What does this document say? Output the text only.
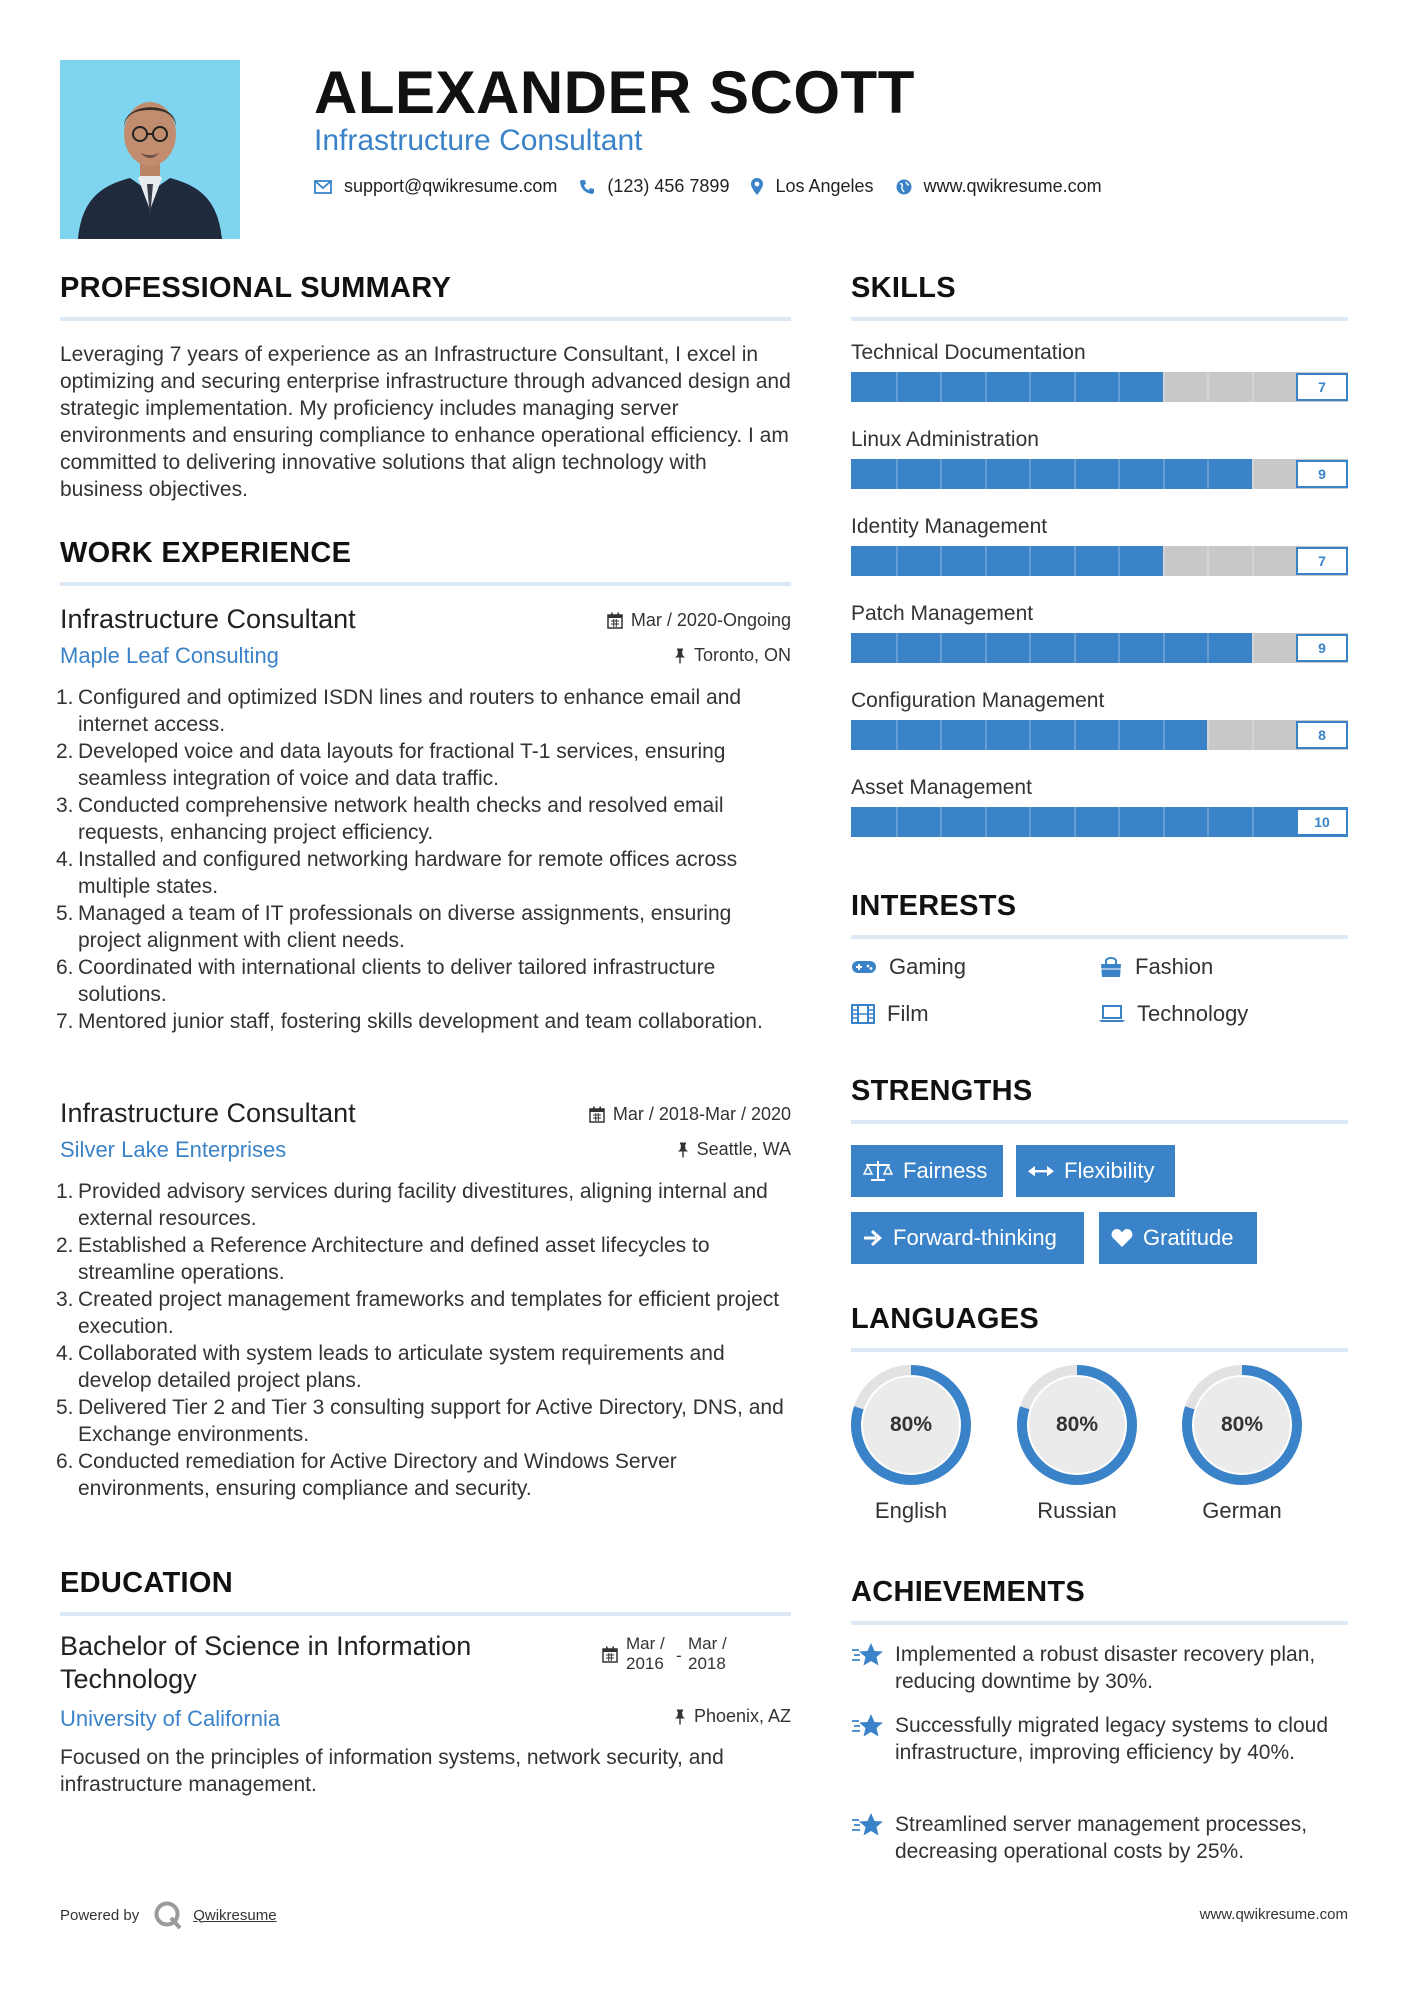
ALEXANDER SCOTT
Infrastructure Consultant
support@qwikresume.com	(123) 456 7899	Los Angeles	www.qwikresume.com
PROFESSIONAL SUMMARY
Leveraging 7 years of experience as an Infrastructure Consultant, I excel in optimizing and securing enterprise infrastructure through advanced design and strategic implementation. My proficiency includes managing server environments and ensuring compliance to enhance operational efficiency. I am committed to delivering innovative solutions that align technology with business objectives.
WORK EXPERIENCE
Infrastructure Consultant
Maple Leaf Consulting
Mar / 2020-Ongoing
Toronto, ON
1. Configured and optimized ISDN lines and routers to enhance email and internet access.
2. Developed voice and data layouts for fractional T-1 services, ensuring seamless integration of voice and data traffic.
3. Conducted comprehensive network health checks and resolved email requests, enhancing project efficiency.
4. Installed and configured networking hardware for remote offices across multiple states.
5. Managed a team of IT professionals on diverse assignments, ensuring project alignment with client needs.
6. Coordinated with international clients to deliver tailored infrastructure solutions.
7. Mentored junior staff, fostering skills development and team collaboration.
Infrastructure Consultant
Silver Lake Enterprises
Mar / 2018-Mar / 2020
Seattle, WA
1. Provided advisory services during facility divestitures, aligning internal and external resources.
2. Established a Reference Architecture and defined asset lifecycles to streamline operations.
3. Created project management frameworks and templates for efficient project execution.
4. Collaborated with system leads to articulate system requirements and develop detailed project plans.
5. Delivered Tier 2 and Tier 3 consulting support for Active Directory, DNS, and Exchange environments.
6. Conducted remediation for Active Directory and Windows Server environments, ensuring compliance and security.
EDUCATION
Bachelor of Science in Information Technology
University of California
Mar / 2016 -
Mar / 2018
Phoenix, AZ
Focused on the principles of information systems, network security, and infrastructure management.
SKILLS
Technical Documentation
7
Linux Administration
9
Identity Management
7
Patch Management
9
Configuration Management
8
Asset Management
10
INTERESTS
Gaming	Fashion
Film	Technology
STRENGTHS
Fairness	Flexibility
Forward-thinking	Gratitude
LANGUAGES
80%
English
80%
Russian
80%
German
ACHIEVEMENTS
Implemented a robust disaster recovery plan, reducing downtime by 30%.
Successfully migrated legacy systems to cloud infrastructure, improving efficiency by 40%.
Streamlined server management processes, decreasing operational costs by 25%.
Powered by	Qwikresume	www.qwikresume.com
